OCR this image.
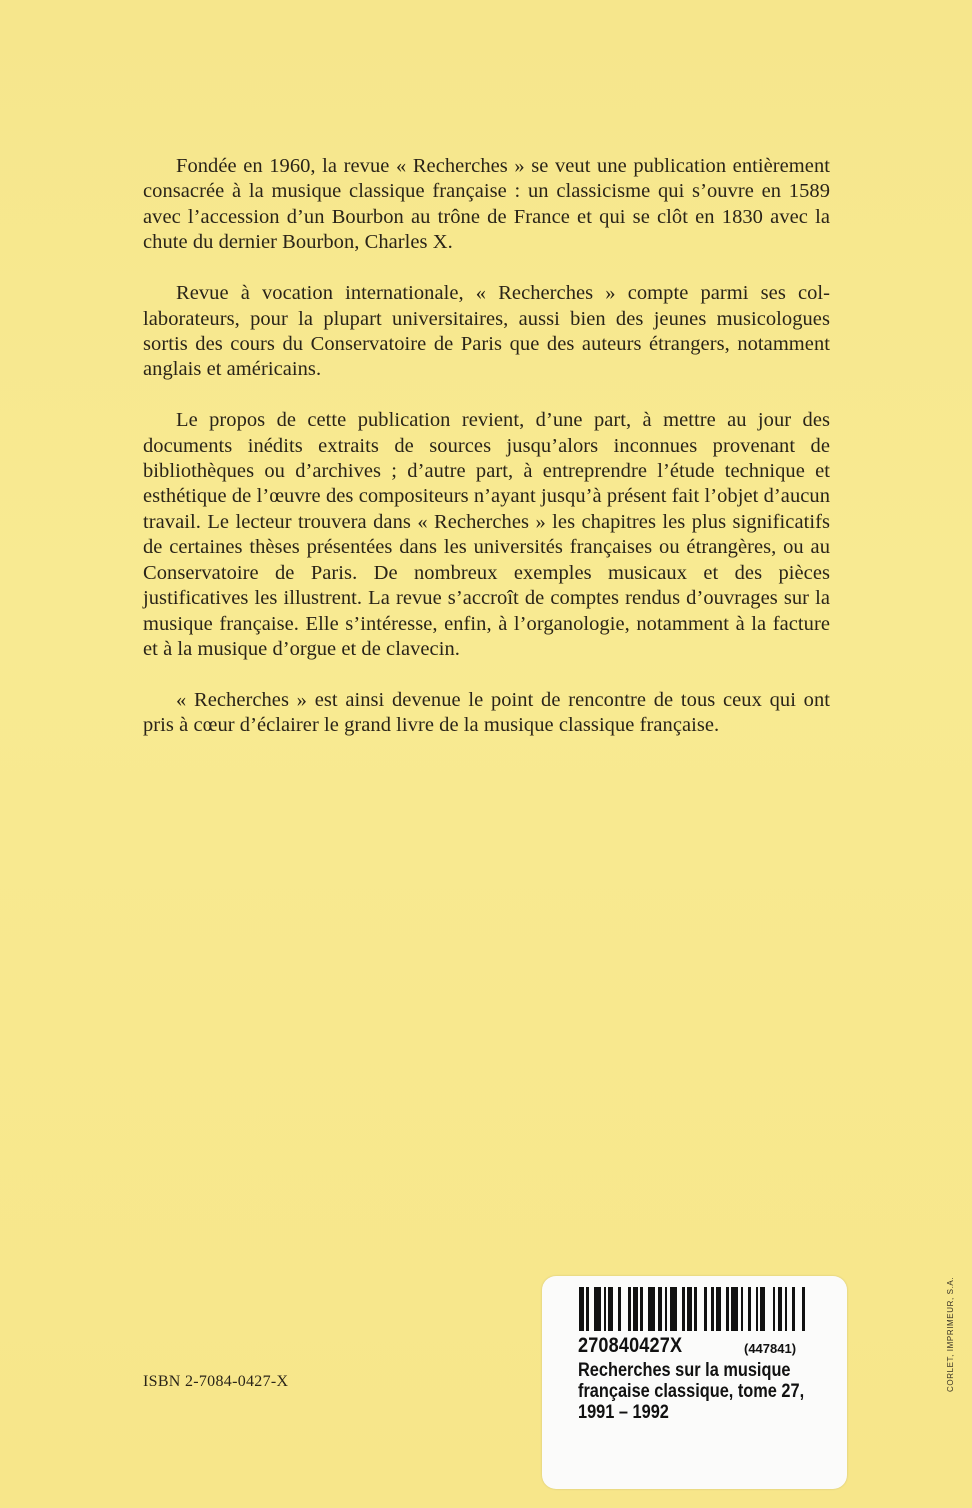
Fondée en 1960, la revue « Recherches » se veut une publication entièrement consacrée à la musique classique française : un classicisme qui s’ouvre en 1589 avec l’accession d’un Bourbon au trône de France et qui se clôt en 1830 avec la chute du dernier Bourbon, Charles X.

Revue à vocation internationale, « Recherches » compte parmi ses collaborateurs, pour la plupart universitaires, aussi bien des jeunes musicologues sortis des cours du Conservatoire de Paris que des auteurs étrangers, notamment anglais et américains.

Le propos de cette publication revient, d’une part, à mettre au jour des documents inédits extraits de sources jusqu’alors inconnues provenant de bibliothèques ou d’archives ; d’autre part, à entreprendre l’étude technique et esthétique de l’œuvre des compositeurs n’ayant jusqu’à présent fait l’objet d’aucun travail. Le lecteur trouvera dans « Recherches » les chapitres les plus significatifs de certaines thèses présentées dans les universités françaises ou étrangères, ou au Conservatoire de Paris. De nombreux exemples musicaux et des pièces justificatives les illustrent. La revue s’accroît de comptes rendus d’ouvrages sur la musique française. Elle s’intéresse, enfin, à l’organologie, notamment à la facture et à la musique d’orgue et de clavecin.

« Recherches » est ainsi devenue le point de rencontre de tous ceux qui ont pris à cœur d’éclairer le grand livre de la musique classique française.

ISBN 2-7084-0427-X
270840427X	(447841)
Recherches sur la musique
française classique, tome 27,
1991 – 1992
CORLET, IMPRIMEUR, S.A.
